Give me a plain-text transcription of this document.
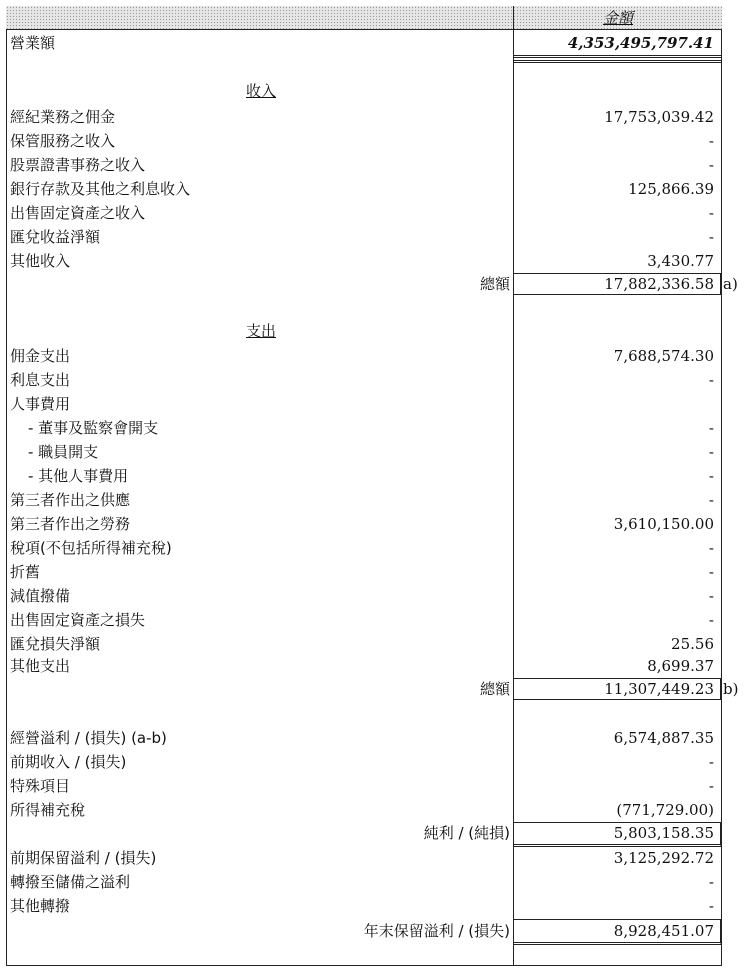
金額
營業額	4,353,495,797.41
收入
經紀業務之佣金	17,753,039.42
保管服務之收入	-
股票證書事務之收入	-
銀行存款及其他之利息收入	125,866.39
出售固定資產之收入	-
匯兌收益淨額	-
其他收入	3,430.77
總額	17,882,336.58 a)
支出
佣金支出	7,688,574.30
利息支出	-
人事費用
- 董事及監察會開支	-
- 職員開支	-
- 其他人事費用	-
第三者作出之供應	-
第三者作出之勞務	3,610,150.00
稅項(不包括所得補充稅)	-
折舊	-
減值撥備	-
出售固定資產之損失	-
匯兌損失淨額	25.56
其他支出	8,699.37
總額	11,307,449.23 b)
經營溢利 / (損失) (a-b)	6,574,887.35
前期收入 / (損失)	-
特殊項目	-
所得補充稅	(771,729.00)
純利 / (純損)	5,803,158.35
前期保留溢利 / (損失)	3,125,292.72
轉撥至儲備之溢利	-
其他轉撥	-
年末保留溢利 / (損失)	8,928,451.07
